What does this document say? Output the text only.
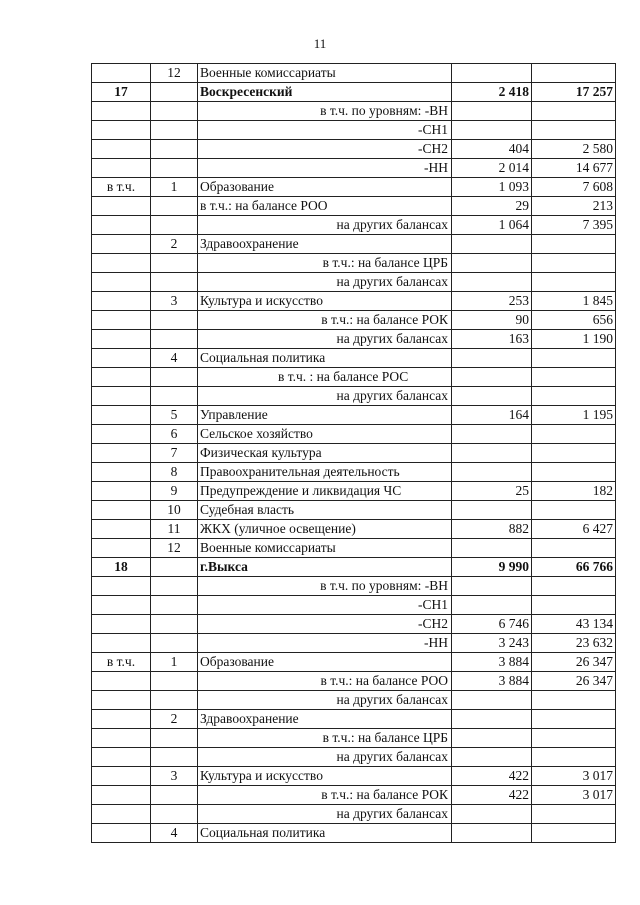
11
	12	Военные комиссариаты		
17		Воскресенский	2 418	17 257
		в т.ч. по уровням: -ВН		
		-СН1		
		-СН2	404	2 580
		-НН	2 014	14 677
в т.ч.	1	Образование	1 093	7 608
		в т.ч.: на балансе РОО	29	213
		на других балансах	1 064	7 395
	2	Здравоохранение		
		в т.ч.: на балансе ЦРБ		
		на других балансах		
	3	Культура и искусство	253	1 845
		в т.ч.: на балансе РОК	90	656
		на других балансах	163	1 190
	4	Социальная политика		
		в т.ч. : на балансе РОС		
		на других балансах		
	5	Управление	164	1 195
	6	Сельское хозяйство		
	7	Физическая культура		
	8	Правоохранительная деятельность		
	9	Предупреждение и ликвидация ЧС	25	182
	10	Судебная власть		
	11	ЖКХ (уличное освещение)	882	6 427
	12	Военные комиссариаты		
18		г.Выкса	9 990	66 766
		в т.ч. по уровням: -ВН		
		-СН1		
		-СН2	6 746	43 134
		-НН	3 243	23 632
в т.ч.	1	Образование	3 884	26 347
		в т.ч.: на балансе РОО	3 884	26 347
		на других балансах		
	2	Здравоохранение		
		в т.ч.: на балансе ЦРБ		
		на других балансах		
	3	Культура и искусство	422	3 017
		в т.ч.: на балансе РОК	422	3 017
		на других балансах		
	4	Социальная политика		
